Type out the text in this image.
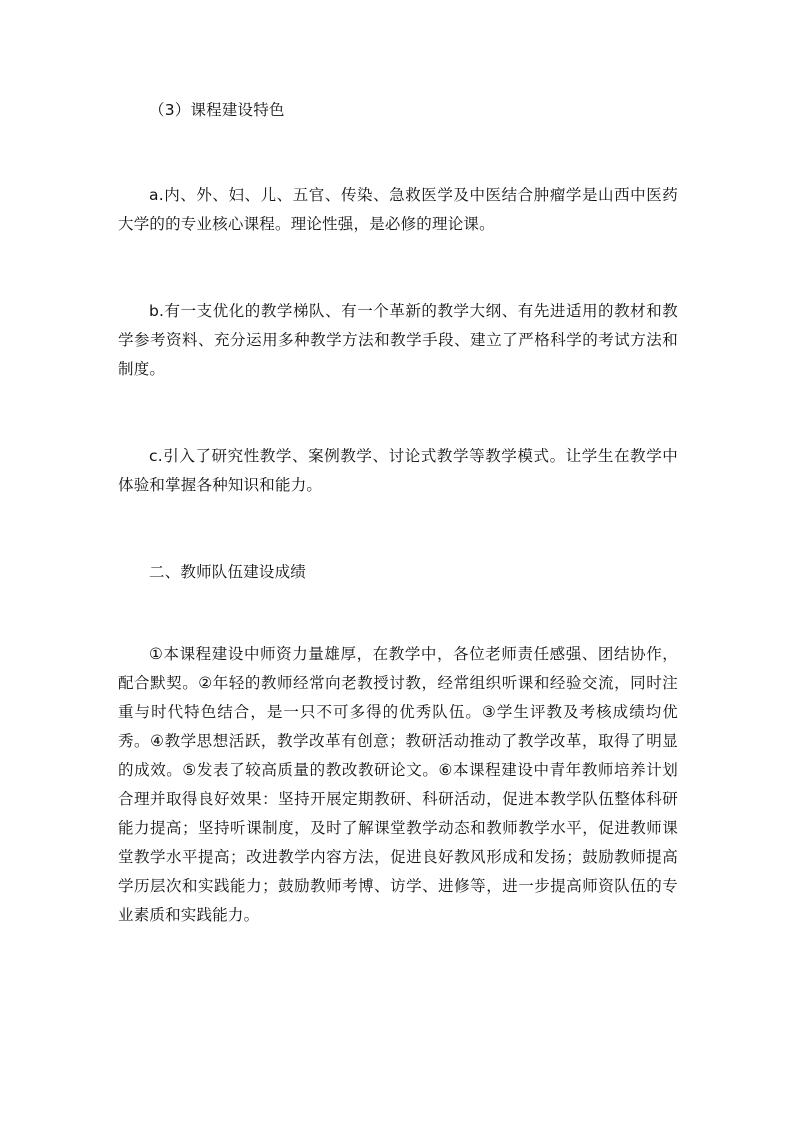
（3）课程建设特色

a.内、外、妇、儿、五官、传染、急救医学及中医结合肿瘤学是山西中医药大学的的专业核心课程。理论性强，是必修的理论课。

b.有一支优化的教学梯队、有一个革新的教学大纲、有先进适用的教材和教学参考资料、充分运用多种教学方法和教学手段、建立了严格科学的考试方法和制度。

c.引入了研究性教学、案例教学、讨论式教学等教学模式。让学生在教学中体验和掌握各种知识和能力。

二、教师队伍建设成绩

①本课程建设中师资力量雄厚，在教学中，各位老师责任感强、团结协作，配合默契。②年轻的教师经常向老教授讨教，经常组织听课和经验交流，同时注重与时代特色结合，是一只不可多得的优秀队伍。③学生评教及考核成绩均优秀。④教学思想活跃，教学改革有创意；教研活动推动了教学改革，取得了明显的成效。⑤发表了较高质量的教改教研论文。⑥本课程建设中青年教师培养计划合理并取得良好效果：坚持开展定期教研、科研活动，促进本教学队伍整体科研能力提高；坚持听课制度，及时了解课堂教学动态和教师教学水平，促进教师课堂教学水平提高；改进教学内容方法，促进良好教风形成和发扬；鼓励教师提高学历层次和实践能力；鼓励教师考博、访学、进修等，进一步提高师资队伍的专业素质和实践能力。
